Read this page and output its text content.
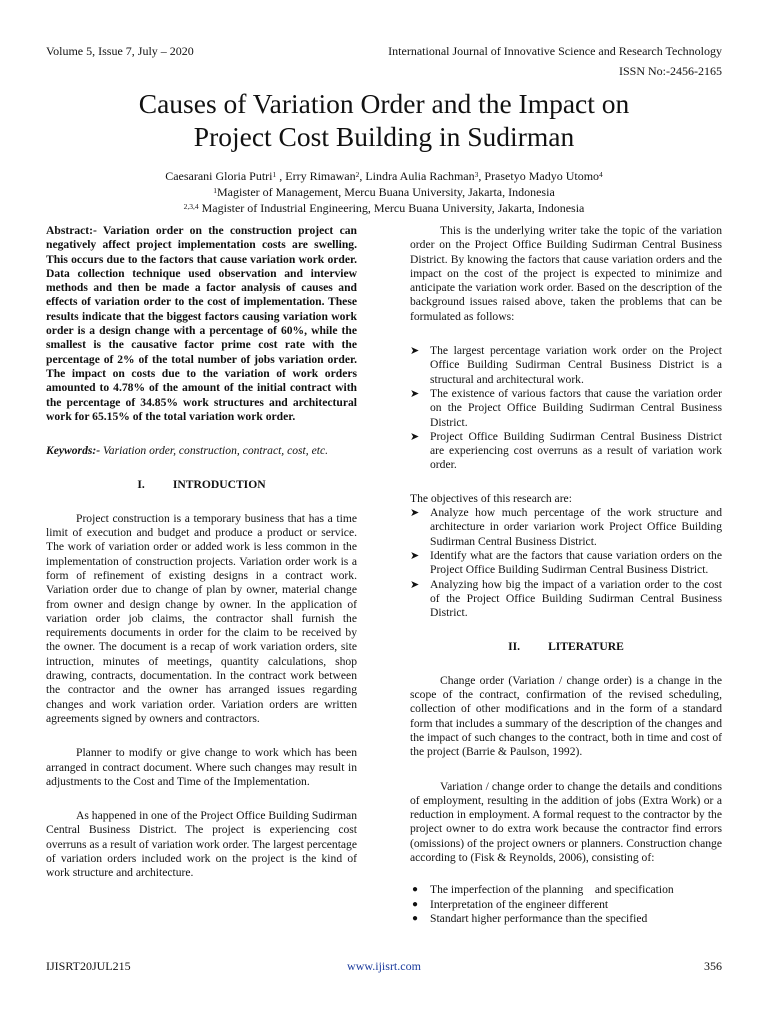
Volume 5, Issue 7, July – 2020	International Journal of Innovative Science and Research Technology
ISSN No:-2456-2165
Causes of Variation Order and the Impact on
Project Cost Building in Sudirman
Caesarani Gloria Putri$^1$ , Erry Rimawan$^2$, Lindra Aulia Rachman$^3$, Prasetyo Madyo Utomo$^4$
$^1$Magister of Management, Mercu Buana University, Jakarta, Indonesia
$^{2,3,4}$ Magister of Industrial Engineering, Mercu Buana University, Jakarta, Indonesia

Abstract:- Variation order on the construction project can negatively affect project implementation costs are swelling. This occurs due to the factors that cause variation work order. Data collection technique used observation and interview methods and then be made a factor analysis of causes and effects of variation order to the cost of implementation. These results indicate that the biggest factors causing variation work order is a design change with a percentage of 60%, while the smallest is the causative factor prime cost rate with the percentage of 2% of the total number of jobs variation order. The impact on costs due to the variation of work orders amounted to 4.78% of the amount of the initial contract with the percentage of 34.85% work structures and architectural work for 65.15% of the total variation work order.

Keywords:- Variation order, construction, contract, cost, etc.

I. INTRODUCTION

Project construction is a temporary business that has a time limit of execution and budget and produce a product or service. The work of variation order or added work is less common in the implementation of construction projects. Variation order work is a form of refinement of existing designs in a contract work. Variation order due to change of plan by owner, material change from owner and design change by owner. In the application of variation order job claims, the contractor shall furnish the requirements documents in order for the claim to be received by the owner. The document is a recap of work variation orders, site intruction, minutes of meetings, quantity calculations, shop drawing, contracts, documentation. In the contract work between the contractor and the owner has arranged issues regarding changes and work variation order. Variation orders are written agreements signed by owners and contractors.

Planner to modify or give change to work which has been arranged in contract document. Where such changes may result in adjustments to the Cost and Time of the Implementation.

As happened in one of the Project Office Building Sudirman Central Business District. The project is experiencing cost overruns as a result of variation work order. The largest percentage of variation orders included work on the project is the kind of work structure and architecture.

This is the underlying writer take the topic of the variation order on the Project Office Building Sudirman Central Business District. By knowing the factors that cause variation orders and the impact on the cost of the project is expected to minimize and anticipate the variation work order. Based on the description of the background issues raised above, taken the problems that can be formulated as follows:

➤ The largest percentage variation work order on the Project Office Building Sudirman Central Business District is a structural and architectural work.
➤ The existence of various factors that cause the variation order on the Project Office Building Sudirman Central Business District.
➤ Project Office Building Sudirman Central Business District are experiencing cost overruns as a result of variation work order.

The objectives of this research are:

➤ Analyze how much percentage of the work structure and architecture in order variarion work Project Office Building Sudirman Central Business District.
➤ Identify what are the factors that cause variation orders on the Project Office Building Sudirman Central Business District.
➤ Analyzing how big the impact of a variation order to the cost of the Project Office Building Sudirman Central Business District.
II. LITERATURE

Change order (Variation / change order) is a change in the scope of the contract, confirmation of the revised scheduling, collection of other modifications and in the form of a standard form that includes a summary of the description of the changes and the impact of such changes to the contract, both in time and cost of the project (Barrie & Paulson, 1992).

Variation / change order to change the details and conditions of employment, resulting in the addition of jobs (Extra Work) or a reduction in employment. A formal request to the contractor by the project owner to do extra work because the contractor find errors (omissions) of the project owners or planners. Construction change according to (Fisk & Reynolds, 2006), consisting of:

● The imperfection of the planning    and specification
● Interpretation of the engineer different
● Standart higher performance than the specified
IJISRT20JUL215	www.ijisrt.com	356
